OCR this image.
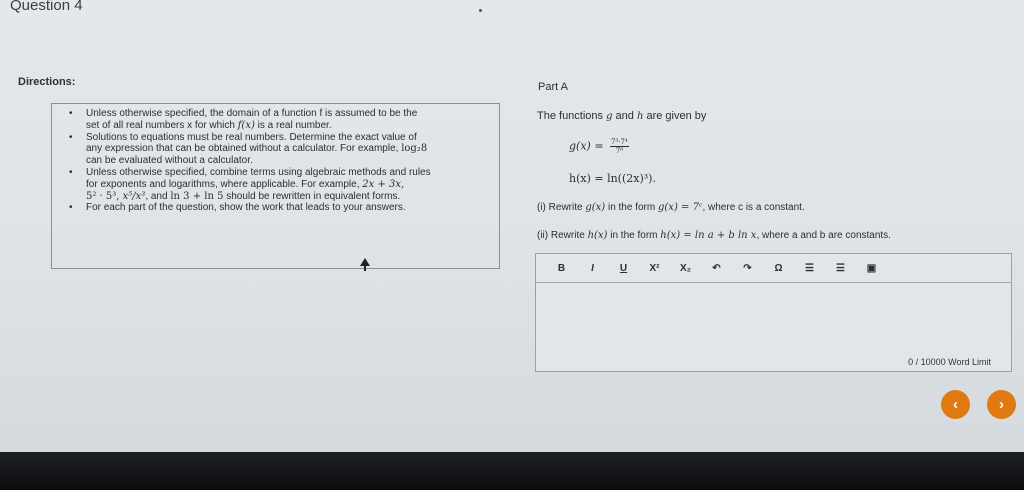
Question 4
Directions:
• Unless otherwise specified, the domain of a function f is assumed to be the
set of all real numbers x for which f(x) is a real number.
• Solutions to equations must be real numbers. Determine the exact value of
any expression that can be obtained without a calculator. For example, log₂8
can be evaluated without a calculator.
• Unless otherwise specified, combine terms using algebraic methods and rules
for exponents and logarithms, where applicable. For example, 2x + 3x,
5² · 5³, x⁵/x³, and ln 3 + ln 5 should be rewritten in equivalent forms.
• For each part of the question, show the work that leads to your answers.
Part A
The functions g and h are given by
$g(x) = \frac{\text{7³·7⁴}}{\text{7⁸}}$
h(x) = ln((2x)³).
(i) Rewrite g(x) in the form g(x) = 7ᶜ, where c is a constant.
(ii) Rewrite h(x) in the form h(x) = ln a + b ln x, where a and b are constants.
B	I	U	X²	X₂	↶	↷	Ω	☰	☰	▣
0 / 10000 Word Limit
‹	›
